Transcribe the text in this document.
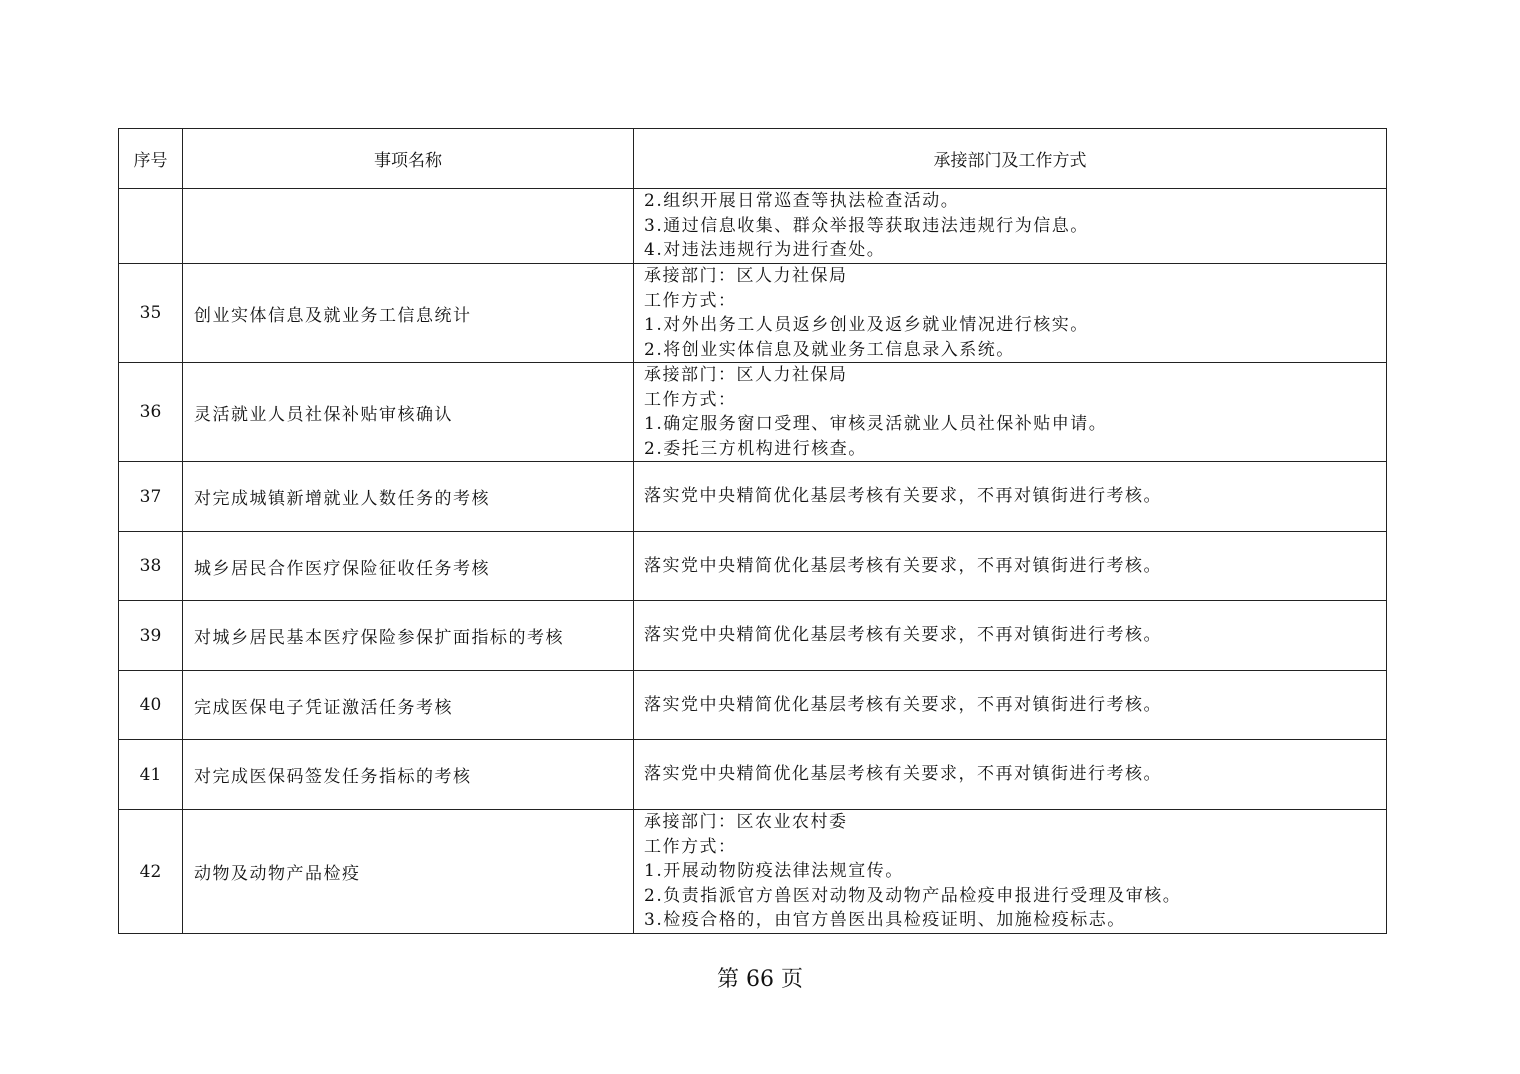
序号	事项名称	承接部门及工作方式

		2.组织开展日常巡查等执法检查活动。
3.通过信息收集、群众举报等获取违法违规行为信息。
4.对违法违规行为进行查处。

35	创业实体信息及就业务工信息统计	承接部门：区人力社保局
工作方式：
1.对外出务工人员返乡创业及返乡就业情况进行核实。
2.将创业实体信息及就业务工信息录入系统。

36	灵活就业人员社保补贴审核确认	承接部门：区人力社保局
工作方式：
1.确定服务窗口受理、审核灵活就业人员社保补贴申请。
2.委托三方机构进行核查。

37	对完成城镇新增就业人数任务的考核	落实党中央精简优化基层考核有关要求，不再对镇街进行考核。

38	城乡居民合作医疗保险征收任务考核	落实党中央精简优化基层考核有关要求，不再对镇街进行考核。

39	对城乡居民基本医疗保险参保扩面指标的考核	落实党中央精简优化基层考核有关要求，不再对镇街进行考核。

40	完成医保电子凭证激活任务考核	落实党中央精简优化基层考核有关要求，不再对镇街进行考核。

41	对完成医保码签发任务指标的考核	落实党中央精简优化基层考核有关要求，不再对镇街进行考核。

42	动物及动物产品检疫	承接部门：区农业农村委
工作方式：
1.开展动物防疫法律法规宣传。
2.负责指派官方兽医对动物及动物产品检疫申报进行受理及审核。
3.检疫合格的，由官方兽医出具检疫证明、加施检疫标志。
第 66 页
